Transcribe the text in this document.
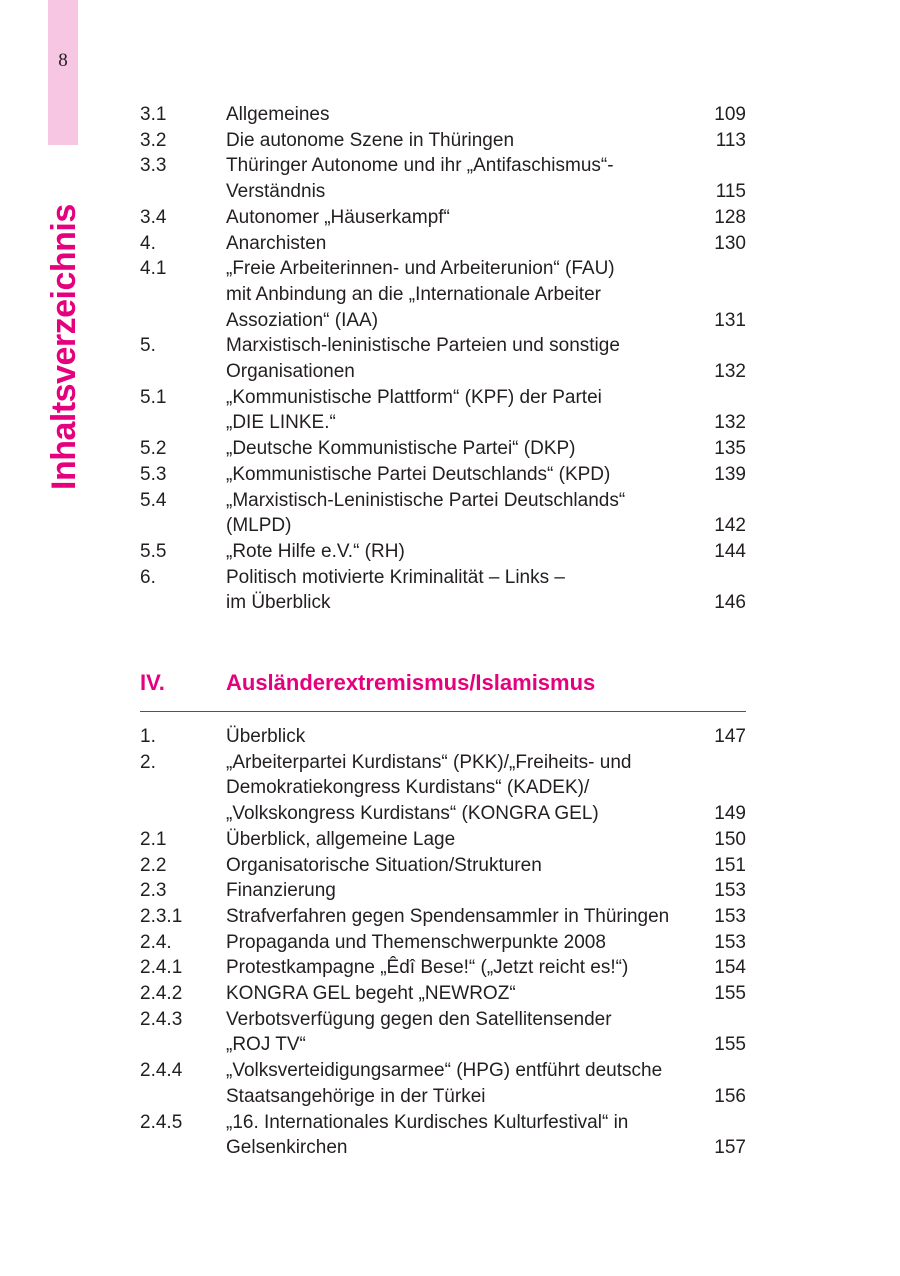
8
Inhaltsverzeichnis
3.1	Allgemeines	109
3.2	Die autonome Szene in Thüringen	113
3.3	Thüringer Autonome und ihr „Antifaschismus“-
Verständnis	115
3.4	Autonomer „Häuserkampf“	128
4.	Anarchisten	130
4.1	„Freie Arbeiterinnen- und Arbeiterunion“ (FAU)
mit Anbindung an die „Internationale Arbeiter
Assoziation“ (IAA)	131
5.	Marxistisch-leninistische Parteien und sonstige
Organisationen	132
5.1	„Kommunistische Plattform“ (KPF) der Partei
„DIE LINKE.“	132
5.2	„Deutsche Kommunistische Partei“ (DKP)	135
5.3	„Kommunistische Partei Deutschlands“ (KPD)	139
5.4	„Marxistisch-Leninistische Partei Deutschlands“
(MLPD)	142
5.5	„Rote Hilfe e.V.“ (RH)	144
6.	Politisch motivierte Kriminalität – Links –
im Überblick	146
IV.	Ausländerextremismus/Islamismus
1.	Überblick	147
2.	„Arbeiterpartei Kurdistans“ (PKK)/„Freiheits- und
Demokratiekongress Kurdistans“ (KADEK)/
„Volkskongress Kurdistans“ (KONGRA GEL)	149
2.1	Überblick, allgemeine Lage	150
2.2	Organisatorische Situation/Strukturen	151
2.3	Finanzierung	153
2.3.1	Strafverfahren gegen Spendensammler in Thüringen	153
2.4.	Propaganda und Themenschwerpunkte 2008	153
2.4.1	Protestkampagne „Êdî Bese!“ („Jetzt reicht es!“)	154
2.4.2	KONGRA GEL begeht „NEWROZ“	155
2.4.3	Verbotsverfügung gegen den Satellitensender
„ROJ TV“	155
2.4.4	„Volksverteidigungsarmee“ (HPG) entführt deutsche
Staatsangehörige in der Türkei	156
2.4.5	„16. Internationales Kurdisches Kulturfestival“ in
Gelsenkirchen	157
